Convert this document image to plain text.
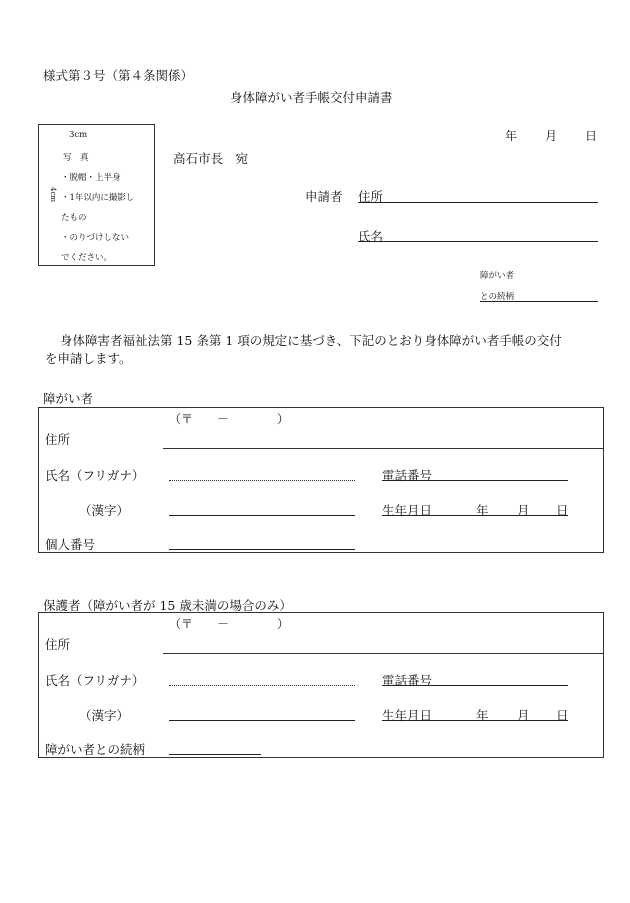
様式第３号（第４条関係）
身体障がい者手帳交付申請書
年 月 日
高石市長　宛
3cm
写　真
・脱帽・上半身
4cm ・1年以内に撮影し
たもの
・のりづけしない
でください。
申請者 住所
氏名
障がい者
との続柄
身体障害者福祉法第 15 条第 1 項の規定に基づき、下記のとおり身体障がい者手帳の交付
を申請します。
障がい者
（〒　　－　　　　）
住所
氏名（フリガナ）	電話番号
（漢字）	生年月日	年 月 日
個人番号
保護者（障がい者が 15 歳未満の場合のみ）
（〒　　－　　　　）
住所
氏名（フリガナ）	電話番号
（漢字）	生年月日	年 月 日
障がい者との続柄
